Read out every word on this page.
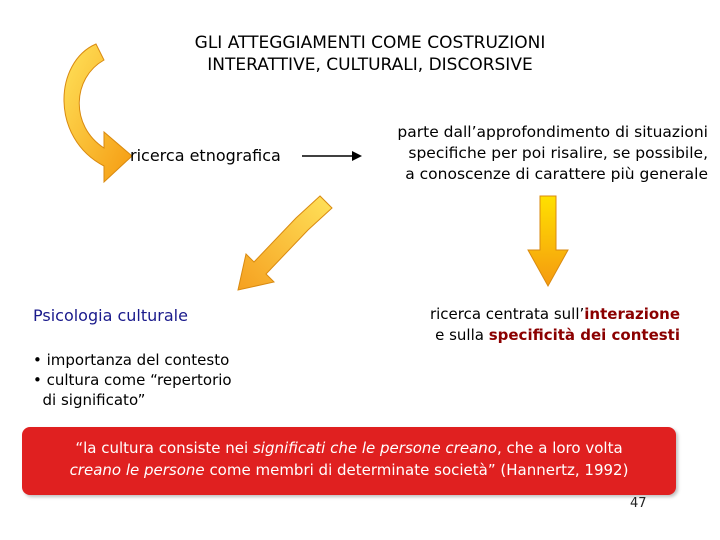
GLI ATTEGGIAMENTI COME COSTRUZIONI
INTERATTIVE, CULTURALI, DISCORSIVE
ricerca etnografica
parte dall’approfondimento di situazioni
specifiche per poi risalire, se possibile,
a conoscenze di carattere più generale
Psicologia culturale
• importanza del contesto
• cultura come “repertorio
di significato”
ricerca centrata sull’interazione
e sulla specificità dei contesti
“la cultura consiste nei significati che le persone creano, che a loro volta
creano le persone come membri di determinate società” (Hannertz, 1992)
47
